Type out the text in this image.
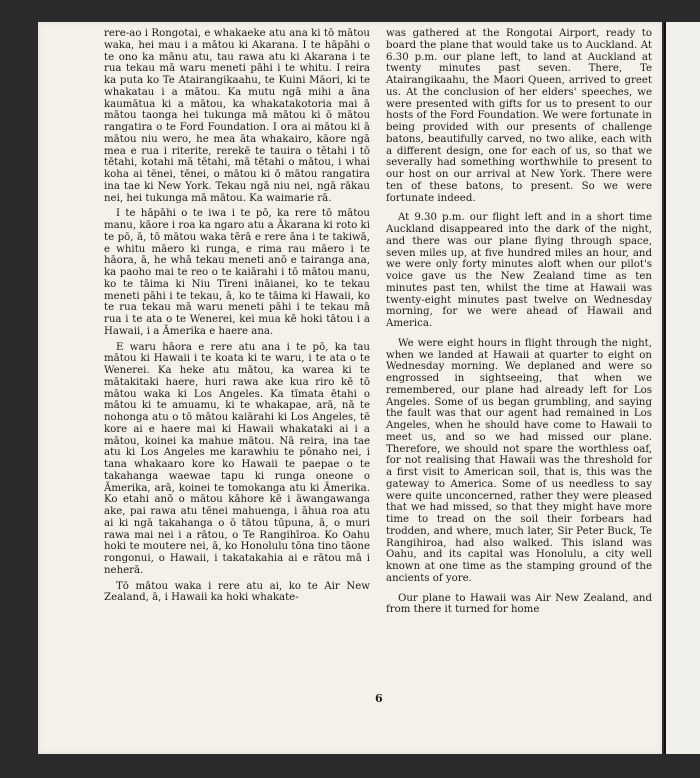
rere-ao i Rongotai, e whakaeke atu ana ki tō mātou waka, hei mau i a mātou ki Akarana. I te hāpāhi o te ono ka mānu atu, tau rawa atu ki Akarana i te rua tekau mā waru meneti pāhi i te whitu. I reira ka puta ko Te Atairangikaahu, te Kuini Māori, ki te whakatau i a mātou. Ka mutu ngā mihi a āna kaumātua ki a mātou, ka whakatakotoria mai ā mātou taonga hei tukunga mā mātou ki ō mātou rangatira o te Ford Foundation. I ora ai mātou ki ā mātou niu wero, he mea āta whakairo, kāore ngā mea e rua i riterite, rerekē te tauira o tētahi i tō tētahi, kotahi mā tētahi, mā tētahi o mātou, i whai koha ai tēnei, tēnei, o mātou ki ō mātou rangatira ina tae ki New York. Tekau ngā niu nei, ngā rākau nei, hei tukunga mā mātou. Ka waimarie rā.

I te hāpāhi o te iwa i te pō, ka rere tō mātou manu, kāore i roa ka ngaro atu a Ākarana ki roto ki te pō, ā, tō mātou waka tērā e rere āna i te takiwā, e whitu māero ki runga, e rima rau māero i te hāora, ā, he whā tekau meneti anō e tairanga ana, ka paoho mai te reo o te kaiārahi i tō mātou manu, ko te tāima ki Niu Tīreni ināianei, ko te tekau meneti pāhi i te tekau, ā, ko te tāima ki Hawaii, ko te rua tekau mā waru meneti pāhi i te tekau mā rua i te ata o te Wenerei, kei mua kē hoki tātou i a Hawaii, i a Āmerika e haere ana.

E waru hāora e rere atu ana i te pō, ka tau mātou ki Hawaii i te koata ki te waru, i te ata o te Wenerei. Ka heke atu mātou, ka warea ki te mātakitaki haere, huri rawa ake kua riro kē tō mātou waka ki Los Angeles. Ka tīmata ētahi o mātou ki te amuamu, ki te whakapae, arā, nā te nohonga atu o tō mātou kaiārahi ki Los Angeles, tē kore ai e haere mai ki Hawaii whakataki ai i a mātou, koinei ka mahue mātou. Nā reira, ina tae atu ki Los Angeles me karawhiu te pōnaho nei, i tana whakaaro kore ko Hawaii te paepae o te takahanga waewae tapu ki runga oneone o Āmerika, arā, koinei te tomokanga atu ki Āmerika. Ko etahi anō o mātou kāhore kē i āwangawanga ake, pai rawa atu tēnei mahuenga, i āhua roa atu ai ki ngā takahanga o ō tātou tūpuna, ā, o muri rawa mai nei i a rātou, o Te Rangihīroa. Ko Oahu hoki te moutere nei, ā, ko Honolulu tōna tino tāone rongonui, o Hawaii, i takatakahia ai e rātou mā i neherā.

Tō mātou waka i rere atu ai, ko te Air New Zealand, ā, i Hawaii ka hoki whakate-

was gathered at the Rongotai Airport, ready to board the plane that would take us to Auckland. At 6.30 p.m. our plane left, to land at Auckland at twenty minutes past seven. There, Te Atairangikaahu, the Maori Queen, arrived to greet us. At the conclusion of her elders' speeches, we were presented with gifts for us to present to our hosts of the Ford Foundation. We were fortunate in being provided with our presents of challenge batons, beautifully carved, no two alike, each with a different design, one for each of us, so that we severally had something worthwhile to present to our host on our arrival at New York. There were ten of these batons, to present. So we were fortunate indeed.

At 9.30 p.m. our flight left and in a short time Auckland disappeared into the dark of the night, and there was our plane flying through space, seven miles up, at five hundred miles an hour, and we were only forty minutes aloft when our pilot's voice gave us the New Zealand time as ten minutes past ten, whilst the time at Hawaii was twenty-eight minutes past twelve on Wednesday morning, for we were ahead of Hawaii and America.

We were eight hours in flight through the night, when we landed at Hawaii at quarter to eight on Wednesday morning. We deplaned and were so engrossed in sightseeing, that when we remembered, our plane had already left for Los Angeles. Some of us began grumbling, and saying the fault was that our agent had remained in Los Angeles, when he should have come to Hawaii to meet us, and so we had missed our plane. Therefore, we should not spare the worthless oaf, for not realising that Hawaii was the threshold for a first visit to American soil, that is, this was the gateway to America. Some of us needless to say were quite unconcerned, rather they were pleased that we had missed, so that they might have more time to tread on the soil their forbears had trodden, and where, much later, Sir Peter Buck, Te Rangihiroa, had also walked. This island was Oahu, and its capital was Honolulu, a city well known at one time as the stamping ground of the ancients of yore.

Our plane to Hawaii was Air New Zealand, and from there it turned for home

6
